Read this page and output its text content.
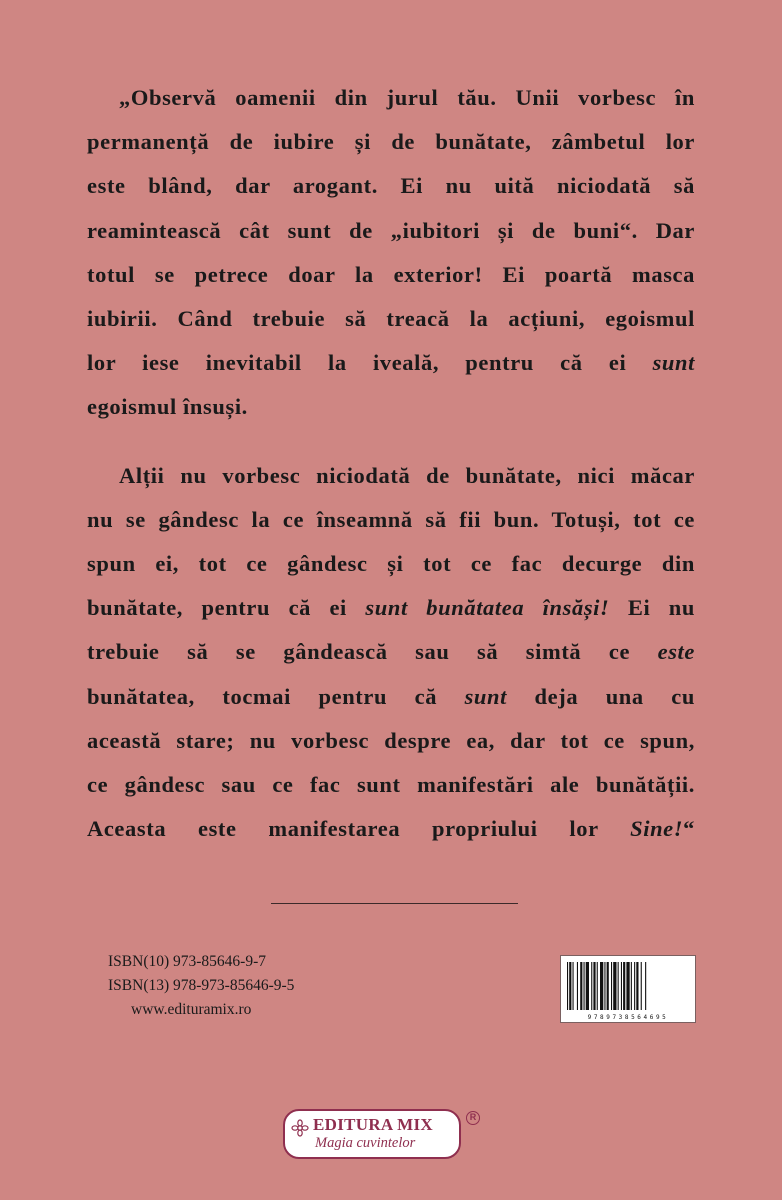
„Observă oamenii din jurul tău. Unii vorbesc în
permanență de iubire și de bunătate, zâmbetul lor
este blând, dar arogant. Ei nu uită niciodată să
reamintească cât sunt de „iubitori și de buni“. Dar
totul se petrece doar la exterior! Ei poartă masca
iubirii. Când trebuie să treacă la acțiuni, egoismul
lor iese inevitabil la iveală, pentru că ei sunt
egoismul însuși.

Alții nu vorbesc niciodată de bunătate, nici măcar
nu se gândesc la ce înseamnă să fii bun. Totuși, tot ce
spun ei, tot ce gândesc și tot ce fac decurge din
bunătate, pentru că ei sunt bunătatea însăși! Ei nu
trebuie să se gândească sau să simtă ce este
bunătatea, tocmai pentru că sunt deja una cu
această stare; nu vorbesc despre ea, dar tot ce spun,
ce gândesc sau ce fac sunt manifestări ale bunătății.
Aceasta este manifestarea propriului lor Sine!“

ISBN(10) 973-85646-9-7
ISBN(13) 978-973-85646-9-5
www.edituramix.ro	9789738564695
EDITURA MIX
Magia cuvintelor
R
